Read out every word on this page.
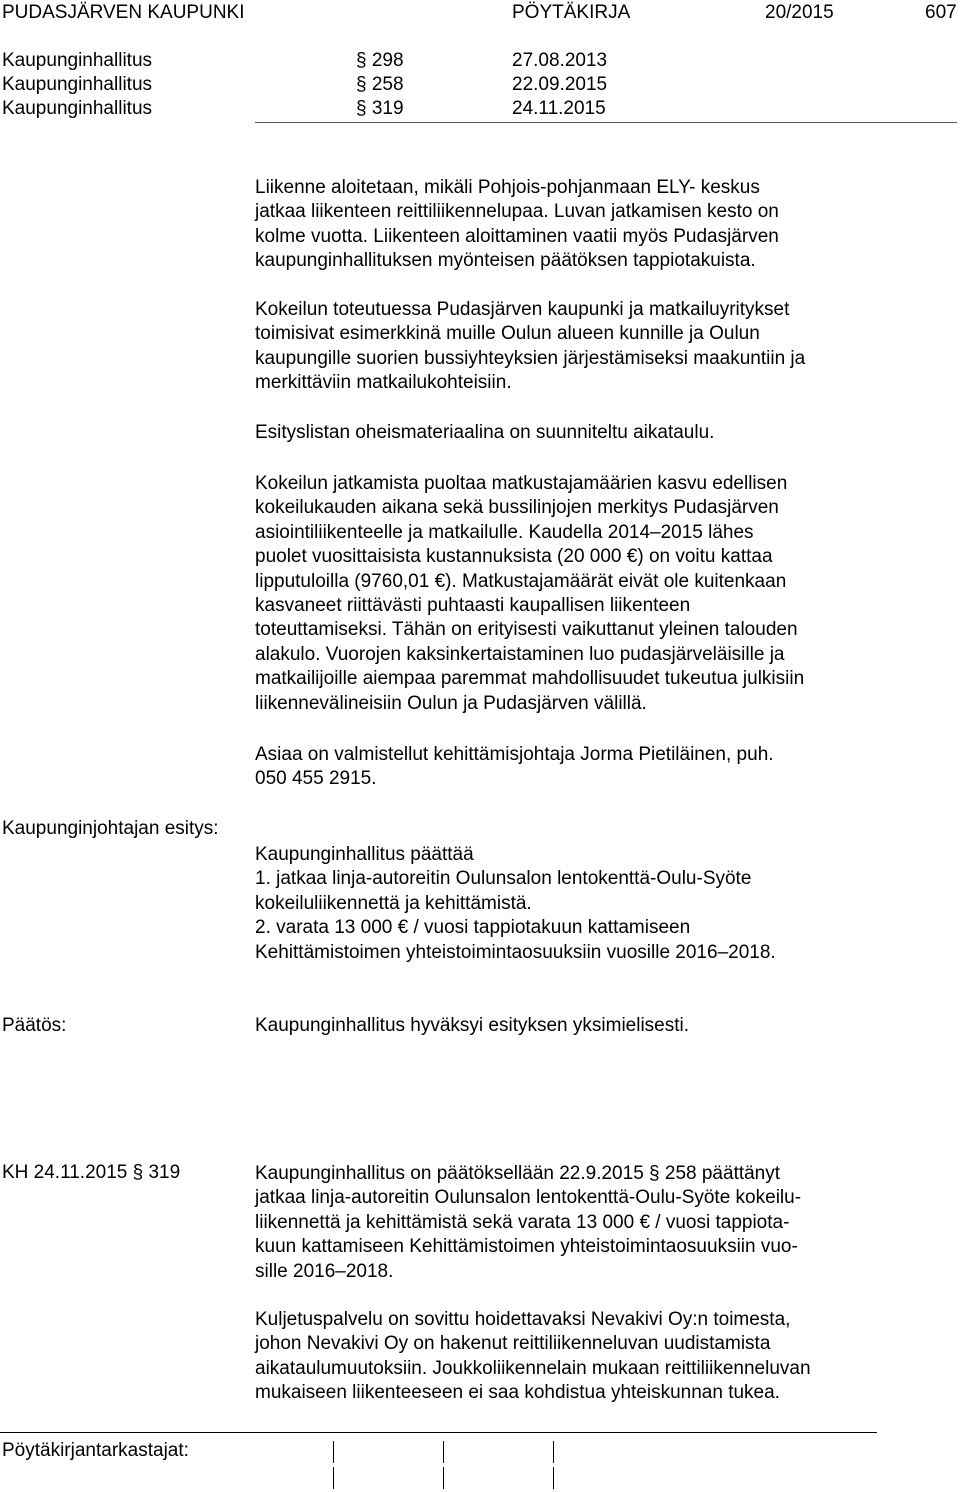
PUDASJÄRVEN KAUPUNKI	PÖYTÄKIRJA	20/2015	607
Kaupunginhallitus	§ 298	27.08.2013
Kaupunginhallitus	§ 258	22.09.2015
Kaupunginhallitus	§ 319	24.11.2015
Liikenne aloitetaan, mikäli Pohjois-pohjanmaan ELY- keskus
jatkaa liikenteen reittiliikennelupaa. Luvan jatkamisen kesto on
kolme vuotta. Liikenteen aloittaminen vaatii myös Pudasjärven
kaupunginhallituksen myönteisen päätöksen tappiotakuista.
Kokeilun toteutuessa Pudasjärven kaupunki ja matkailuyritykset
toimisivat esimerkkinä muille Oulun alueen kunnille ja Oulun
kaupungille suorien bussiyhteyksien järjestämiseksi maakuntiin ja
merkittäviin matkailukohteisiin.
Esityslistan oheismateriaalina on suunniteltu aikataulu.
Kokeilun jatkamista puoltaa matkustajamäärien kasvu edellisen
kokeilukauden aikana sekä bussilinjojen merkitys Pudasjärven
asiointiliikenteelle ja matkailulle. Kaudella 2014–2015 lähes
puolet vuosittaisista kustannuksista (20 000 €) on voitu kattaa
lipputuloilla (9760,01 €). Matkustajamäärät eivät ole kuitenkaan
kasvaneet riittävästi puhtaasti kaupallisen liikenteen
toteuttamiseksi. Tähän on erityisesti vaikuttanut yleinen talouden
alakulo. Vuorojen kaksinkertaistaminen luo pudasjärveläisille ja
matkailijoille aiempaa paremmat mahdollisuudet tukeutua julkisiin
liikennevälineisiin Oulun ja Pudasjärven välillä.
Asiaa on valmistellut kehittämisjohtaja Jorma Pietiläinen, puh.
050 455 2915.
Kaupunginjohtajan esitys:
Kaupunginhallitus päättää
1. jatkaa linja-autoreitin Oulunsalon lentokenttä-Oulu-Syöte
kokeiluliikennettä ja kehittämistä.
2. varata 13 000 € / vuosi tappiotakuun kattamiseen
Kehittämistoimen yhteistoimintaosuuksiin vuosille 2016–2018.
Päätös:	Kaupunginhallitus hyväksyi esityksen yksimielisesti.
KH 24.11.2015 § 319	Kaupunginhallitus on päätöksellään 22.9.2015 § 258 päättänyt
jatkaa linja-autoreitin Oulunsalon lentokenttä-Oulu-Syöte kokeilu-
liikennettä ja kehittämistä sekä varata 13 000 € / vuosi tappiota-
kuun kattamiseen Kehittämistoimen yhteistoimintaosuuksiin vuo-
sille 2016–2018.
Kuljetuspalvelu on sovittu hoidettavaksi Nevakivi Oy:n toimesta,
johon Nevakivi Oy on hakenut reittiliikenneluvan uudistamista
aikataulumuutoksiin. Joukkoliikennelain mukaan reittiliikenneluvan
mukaiseen liikenteeseen ei saa kohdistua yhteiskunnan tukea.
Pöytäkirjantarkastajat:
